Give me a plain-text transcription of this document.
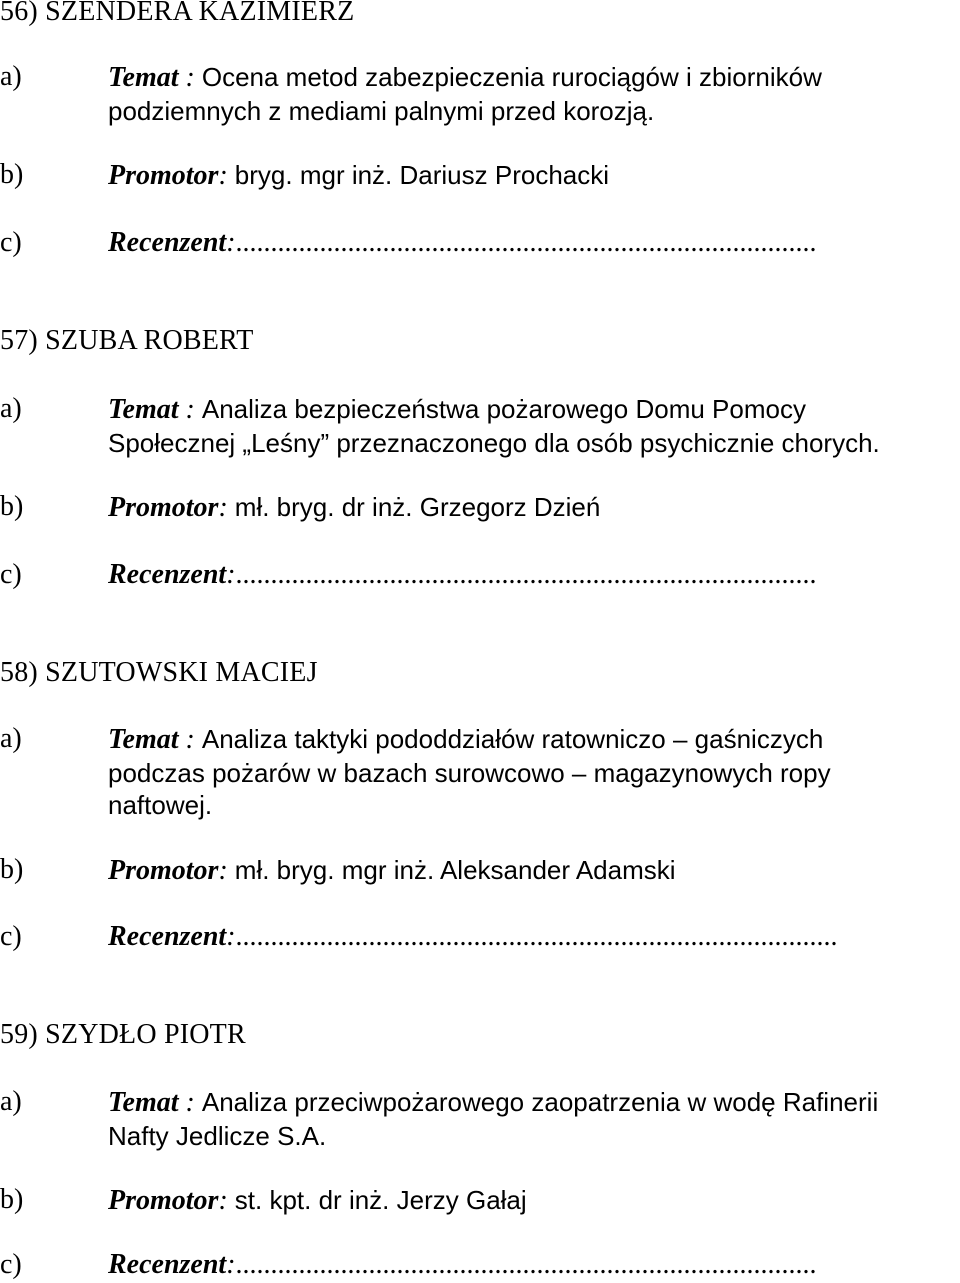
56) SZENDERA KAZIMIERZ
a)	Temat : Ocena metod zabezpieczenia rurociągów i zbiorników
podziemnych z mediami palnymi przed korozją.
b)	Promotor: bryg. mgr inż. Dariusz Prochacki
c)	Recenzent:...................................................................................
57) SZUBA ROBERT
a)	Temat : Analiza bezpieczeństwa pożarowego Domu Pomocy
Społecznej „Leśny” przeznaczonego dla osób psychicznie chorych.
b)	Promotor: mł. bryg. dr inż. Grzegorz Dzień
c)	Recenzent:...................................................................................
58) SZUTOWSKI MACIEJ
a)	Temat : Analiza taktyki pododdziałów ratowniczo – gaśniczych
podczas pożarów w bazach surowcowo – magazynowych ropy
naftowej.
b)	Promotor: mł. bryg. mgr inż. Aleksander Adamski
c)	Recenzent:......................................................................................
59) SZYDŁO PIOTR
a)	Temat : Analiza przeciwpożarowego zaopatrzenia w wodę Rafinerii
Nafty Jedlicze S.A.
b)	Promotor: st. kpt. dr inż. Jerzy Gałaj
c)	Recenzent:...................................................................................
